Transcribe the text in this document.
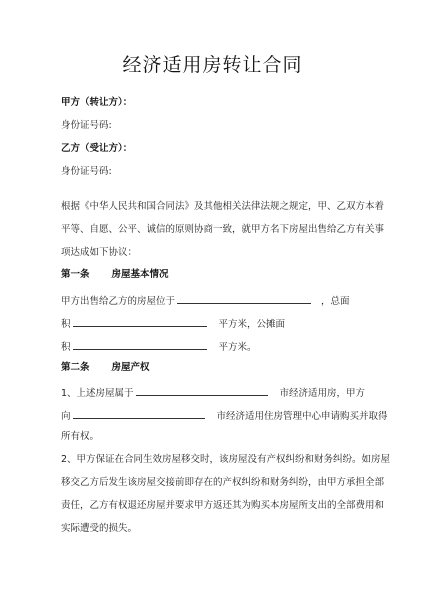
经济适用房转让合同
甲方（转让方）：
身份证号码:
乙方（受让方）：
身份证号码:
根据《中华人民共和国合同法》及其他相关法律法规之规定，甲、乙双方本着
平等、自愿、公平、诚信的原则协商一致，就甲方名下房屋出售给乙方有关事
项达成如下协议：
第一条 房屋基本情况
甲方出售给乙方的房屋位于	，总面
积	平方米，公摊面
积	平方米。
第二条 房屋产权
1、上述房屋属于	市经济适用房，甲方
向	市经济适用住房管理中心申请购买并取得
所有权。
2、甲方保证在合同生效房屋移交时，该房屋没有产权纠纷和财务纠纷。如房屋
移交乙方后发生该房屋交接前即存在的产权纠纷和财务纠纷，由甲方承担全部
责任，乙方有权退还房屋并要求甲方返还其为购买本房屋所支出的全部费用和
实际遭受的损失。
